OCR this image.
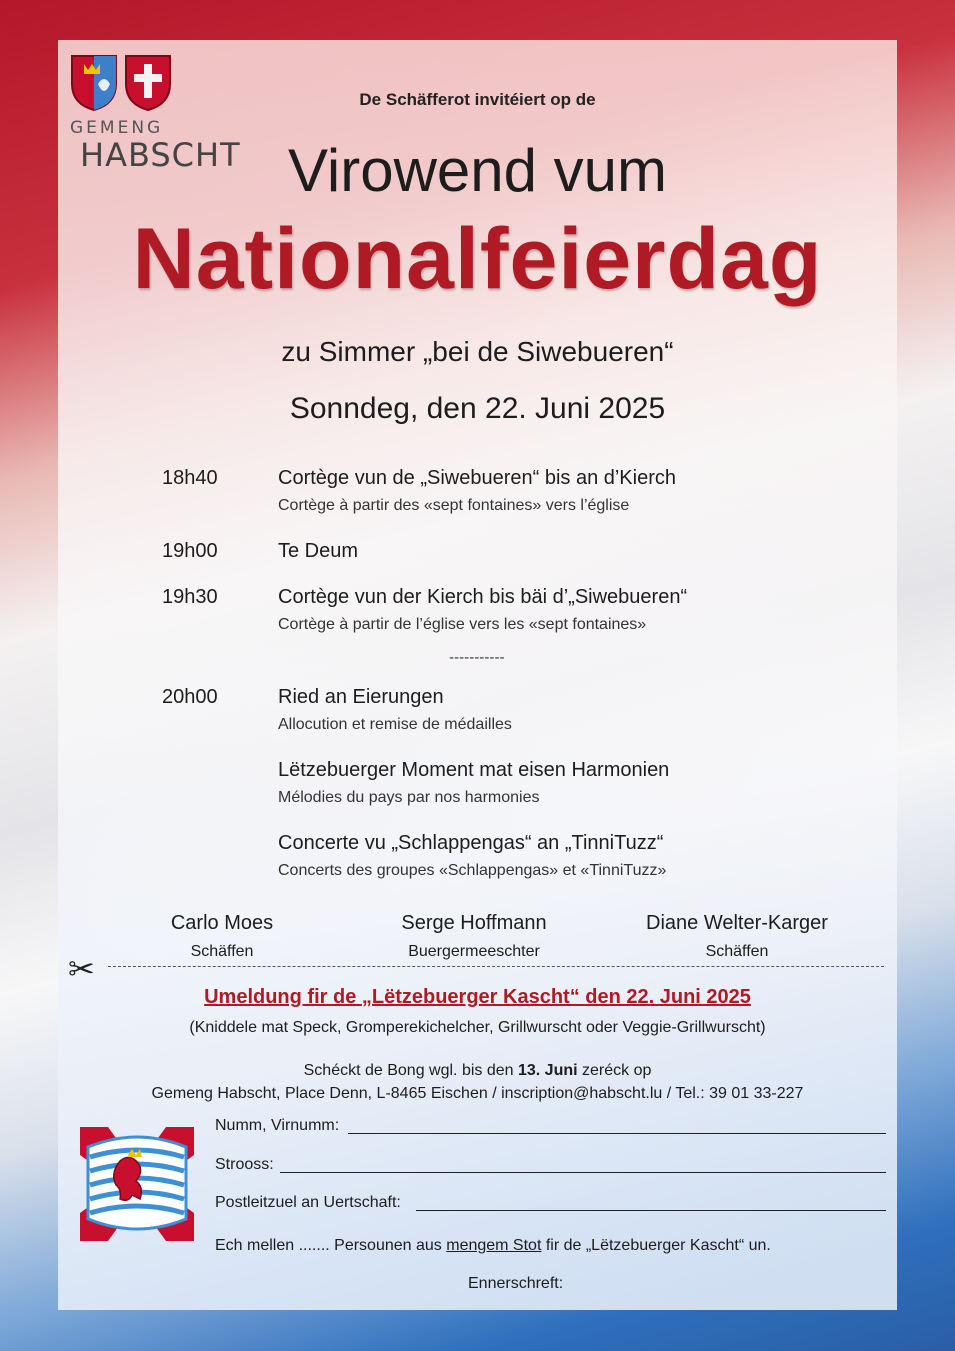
GEMENG
HABSCHT
De Schäfferot invitéiert op de
Virowend vum
Nationalfeierdag
zu Simmer „bei de Siwebueren“
Sonndeg, den 22. Juni 2025
18h40	Cortège vun de „Siwebueren“ bis an d’Kierch
Cortège à partir des «sept fontaines» vers l’église
19h00	Te Deum
19h30	Cortège vun der Kierch bis bäi d’„Siwebueren“
Cortège à partir de l’église vers les «sept fontaines»
-----------
20h00	Ried an Eierungen
Allocution et remise de médailles
Lëtzebuerger Moment mat eisen Harmonien
Mélodies du pays par nos harmonies
Concerte vu „Schlappengas“ an „TinniTuzz“
Concerts des groupes «Schlappengas» et «TinniTuzz»
Carlo Moes
Schäffen
Serge Hoffmann
Buergermeeschter
Diane Welter-Karger
Schäffen
✂
Umeldung fir de „Lëtzebuerger Kascht“ den 22. Juni 2025
(Kniddele mat Speck, Gromperekichelcher, Grillwurscht oder Veggie-Grillwurscht)
Schéckt de Bong wgl. bis den 13. Juni zeréck op
Gemeng Habscht, Place Denn, L-8465 Eischen / inscription@habscht.lu / Tel.: 39 01 33-227
Numm, Virnumm:
Strooss:
Postleitzuel an Uertschaft:
Ech mellen ....... Persounen aus mengem Stot fir de „Lëtzebuerger Kascht“ un.
Ennerschreft:
